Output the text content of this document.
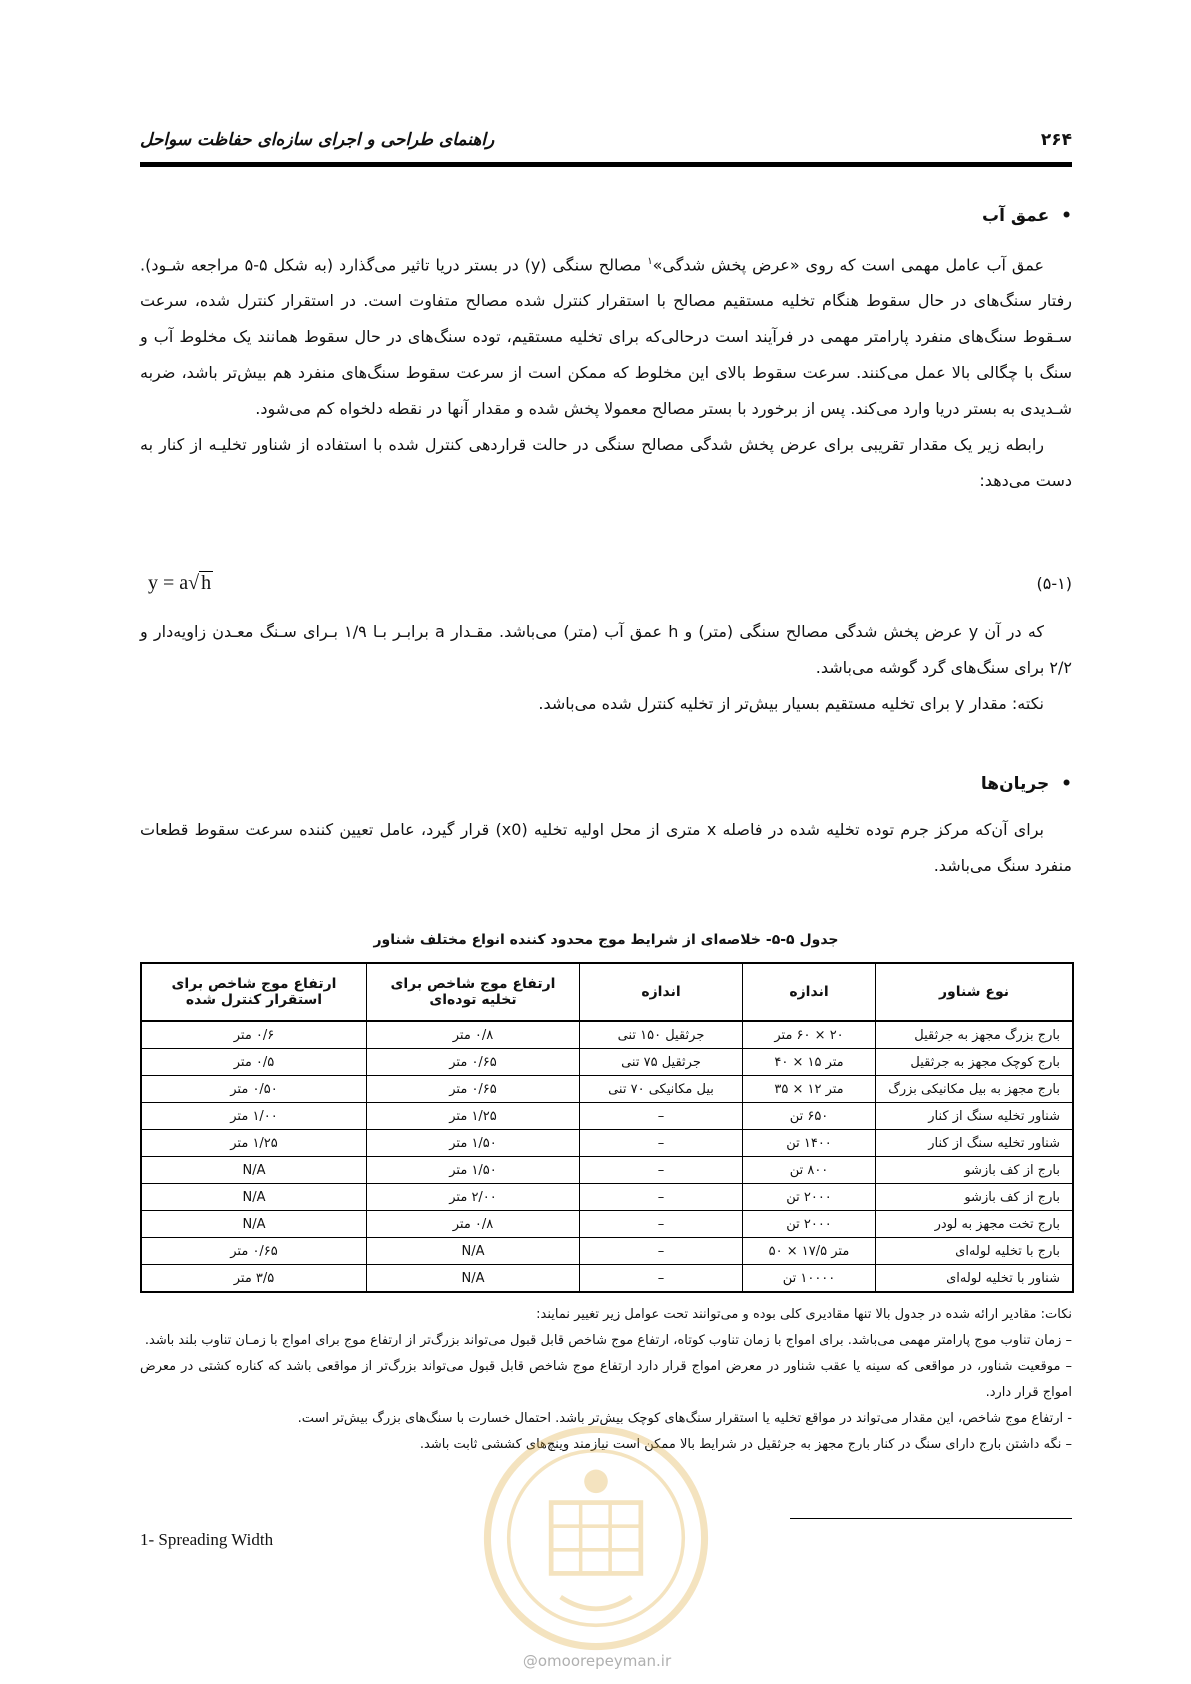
۲۶۴
راهنمای طراحی و اجرای سازه‌ای حفاظت سواحل
• عمق آب

عمق آب عامل مهمی است که روی «عرض پخش شدگی»$^۱$ مصالح سنگی (y) در بستر دریا تاثیر می‌گذارد (به شکل ۵-۵ مراجعه شـود). رفتار سنگ‌های در حال سقوط هنگام تخلیه مستقیم مصالح با استقرار کنترل شده مصالح متفاوت است. در استقرار کنترل شده، سرعت سـقوط سنگ‌های منفرد پارامتر مهمی در فرآیند است درحالی‌که برای تخلیه مستقیم، توده سنگ‌های در حال سقوط همانند یک مخلوط آب و سنگ با چگالی بالا عمل می‌کنند. سرعت سقوط بالای این مخلوط که ممکن است از سرعت سقوط سنگ‌های منفرد هم بیش‌تر باشد، ضربه شـدیدی به بستر دریا وارد می‌کند. پس از برخورد با بستر مصالح معمولا پخش شده و مقدار آنها در نقطه دلخواه کم می‌شود.

رابطه زیر یک مقدار تقریبی برای عرض پخش شدگی مصالح سنگی در حالت قراردهی کنترل شده با استفاده از شناور تخلیـه از کنار به دست می‌دهد:

y = a√ h	(۵-۱)

که در آن y عرض پخش شدگی مصالح سنگی (متر) و h عمق آب (متر) می‌باشد. مقـدار a برابـر بـا ۱/۹ بـرای سـنگ معـدن زاویه‌دار و ۲/۲ برای سنگ‌های گرد گوشه می‌باشد.

نکته: مقدار y برای تخلیه مستقیم بسیار بیش‌تر از تخلیه کنترل شده می‌باشد.

• جریان‌ها

برای آن‌که مرکز جرم توده تخلیه شده در فاصله x متری از محل اولیه تخلیه (x0) قرار گیرد، عامل تعیین کننده سرعت سقوط قطعات منفرد سنگ می‌باشد.

جدول ۵-۵- خلاصه‌ای از شرایط موج محدود کننده انواع مختلف شناور
نوع شناور	اندازه	اندازه	ارتفاع موج شاخص برای تخلیه توده‌ای	ارتفاع موج شاخص برای استقرار کنترل شده
بارج بزرگ مجهز به جرثقیل	۲۰ × ۶۰ متر	جرثقیل ۱۵۰ تنی	۰/۸ متر	۰/۶ متر
بارج کوچک مجهز به جرثقیل	متر ۱۵ × ۴۰	جرثقیل ۷۵ تنی	۰/۶۵ متر	۰/۵ متر
بارج مجهز به بیل مکانیکی بزرگ	متر ۱۲ × ۳۵	بیل مکانیکی ۷۰ تنی	۰/۶۵ متر	۰/۵۰ متر
شناور تخلیه سنگ از کنار	۶۵۰ تن	–	۱/۲۵ متر	۱/۰۰ متر
شناور تخلیه سنگ از کنار	۱۴۰۰ تن	–	۱/۵۰ متر	۱/۲۵ متر
بارج از کف بازشو	۸۰۰ تن	–	۱/۵۰ متر	N/A
بارج از کف بازشو	۲۰۰۰ تن	–	۲/۰۰ متر	N/A
بارج تخت مجهز به لودر	۲۰۰۰ تن	–	۰/۸ متر	N/A
بارج با تخلیه لوله‌ای	متر ۱۷/۵ × ۵۰	–	N/A	۰/۶۵ متر
شناور با تخلیه لوله‌ای	۱۰۰۰۰ تن	–	N/A	۳/۵ متر

نکات: مقادیر ارائه شده در جدول بالا تنها مقادیری کلی بوده و می‌توانند تحت عوامل زیر تغییر نمایند:

– زمان تناوب موج پارامتر مهمی می‌باشد. برای امواج با زمان تناوب کوتاه، ارتفاع موج شاخص قابل قبول می‌تواند بزرگ‌تر از ارتفاع موج برای امواج با زمـان تناوب بلند باشد.

– موقعیت شناور، در مواقعی که سینه یا عقب شناور در معرض امواج قرار دارد ارتفاع موج شاخص قابل قبول می‌تواند بزرگ‌تر از مواقعی باشد که کناره کشتی در معرض امواج قرار دارد.

- ارتفاع موج شاخص، این مقدار می‌تواند در مواقع تخلیه یا استقرار سنگ‌های کوچک بیش‌تر باشد. احتمال خسارت با سنگ‌های بزرگ بیش‌تر است.

– نگه داشتن بارج دارای سنگ در کنار بارج مجهز به جرثقیل در شرایط بالا ممکن است نیازمند وینچ‌های کششی ثابت باشد.

1- Spreading Width
@omoorepeyman.ir
